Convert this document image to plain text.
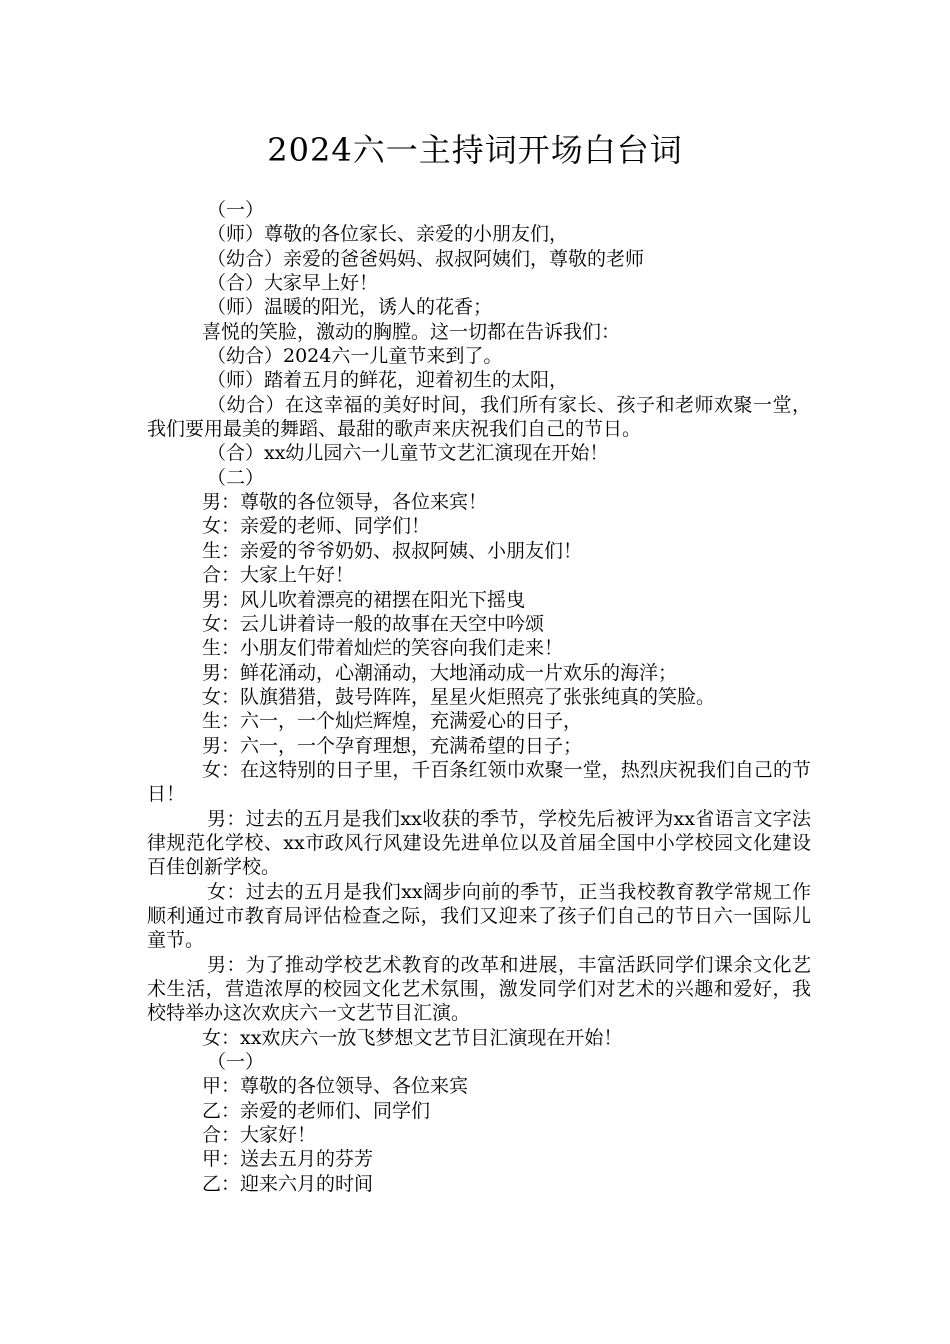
2024六一主持词开场白台词

（一）

（师）尊敬的各位家长、亲爱的小朋友们，

（幼合）亲爱的爸爸妈妈、叔叔阿姨们，尊敬的老师

（合）大家早上好！

（师）温暖的阳光，诱人的花香；

喜悦的笑脸，激动的胸膛。这一切都在告诉我们：

（幼合）2024六一儿童节来到了。

（师）踏着五月的鲜花，迎着初生的太阳，

（幼合）在这幸福的美好时间，我们所有家长、孩子和老师欢聚一堂，我们要用最美的舞蹈、最甜的歌声来庆祝我们自己的节日。

（合）xx幼儿园六一儿童节文艺汇演现在开始！

（二）

男：尊敬的各位领导，各位来宾！

女：亲爱的老师、同学们！

生：亲爱的爷爷奶奶、叔叔阿姨、小朋友们！

合：大家上午好！

男：风儿吹着漂亮的裙摆在阳光下摇曳

女：云儿讲着诗一般的故事在天空中吟颂

生：小朋友们带着灿烂的笑容向我们走来！

男：鲜花涌动，心潮涌动，大地涌动成一片欢乐的海洋；

女：队旗猎猎，鼓号阵阵，星星火炬照亮了张张纯真的笑脸。

生：六一，一个灿烂辉煌，充满爱心的日子，

男：六一，一个孕育理想，充满希望的日子；

女：在这特别的日子里，千百条红领巾欢聚一堂，热烈庆祝我们自己的节日！

男：过去的五月是我们xx收获的季节，学校先后被评为xx省语言文字法律规范化学校、xx市政风行风建设先进单位以及首届全国中小学校园文化建设百佳创新学校。

女：过去的五月是我们xx阔步向前的季节，正当我校教育教学常规工作顺利通过市教育局评估检查之际，我们又迎来了孩子们自己的节日六一国际儿童节。

男：为了推动学校艺术教育的改革和进展，丰富活跃同学们课余文化艺术生活，营造浓厚的校园文化艺术氛围，激发同学们对艺术的兴趣和爱好，我校特举办这次欢庆六一文艺节目汇演。

女：xx欢庆六一放飞梦想文艺节目汇演现在开始！

（一）

甲：尊敬的各位领导、各位来宾

乙：亲爱的老师们、同学们

合：大家好！

甲：送去五月的芬芳

乙：迎来六月的时间
